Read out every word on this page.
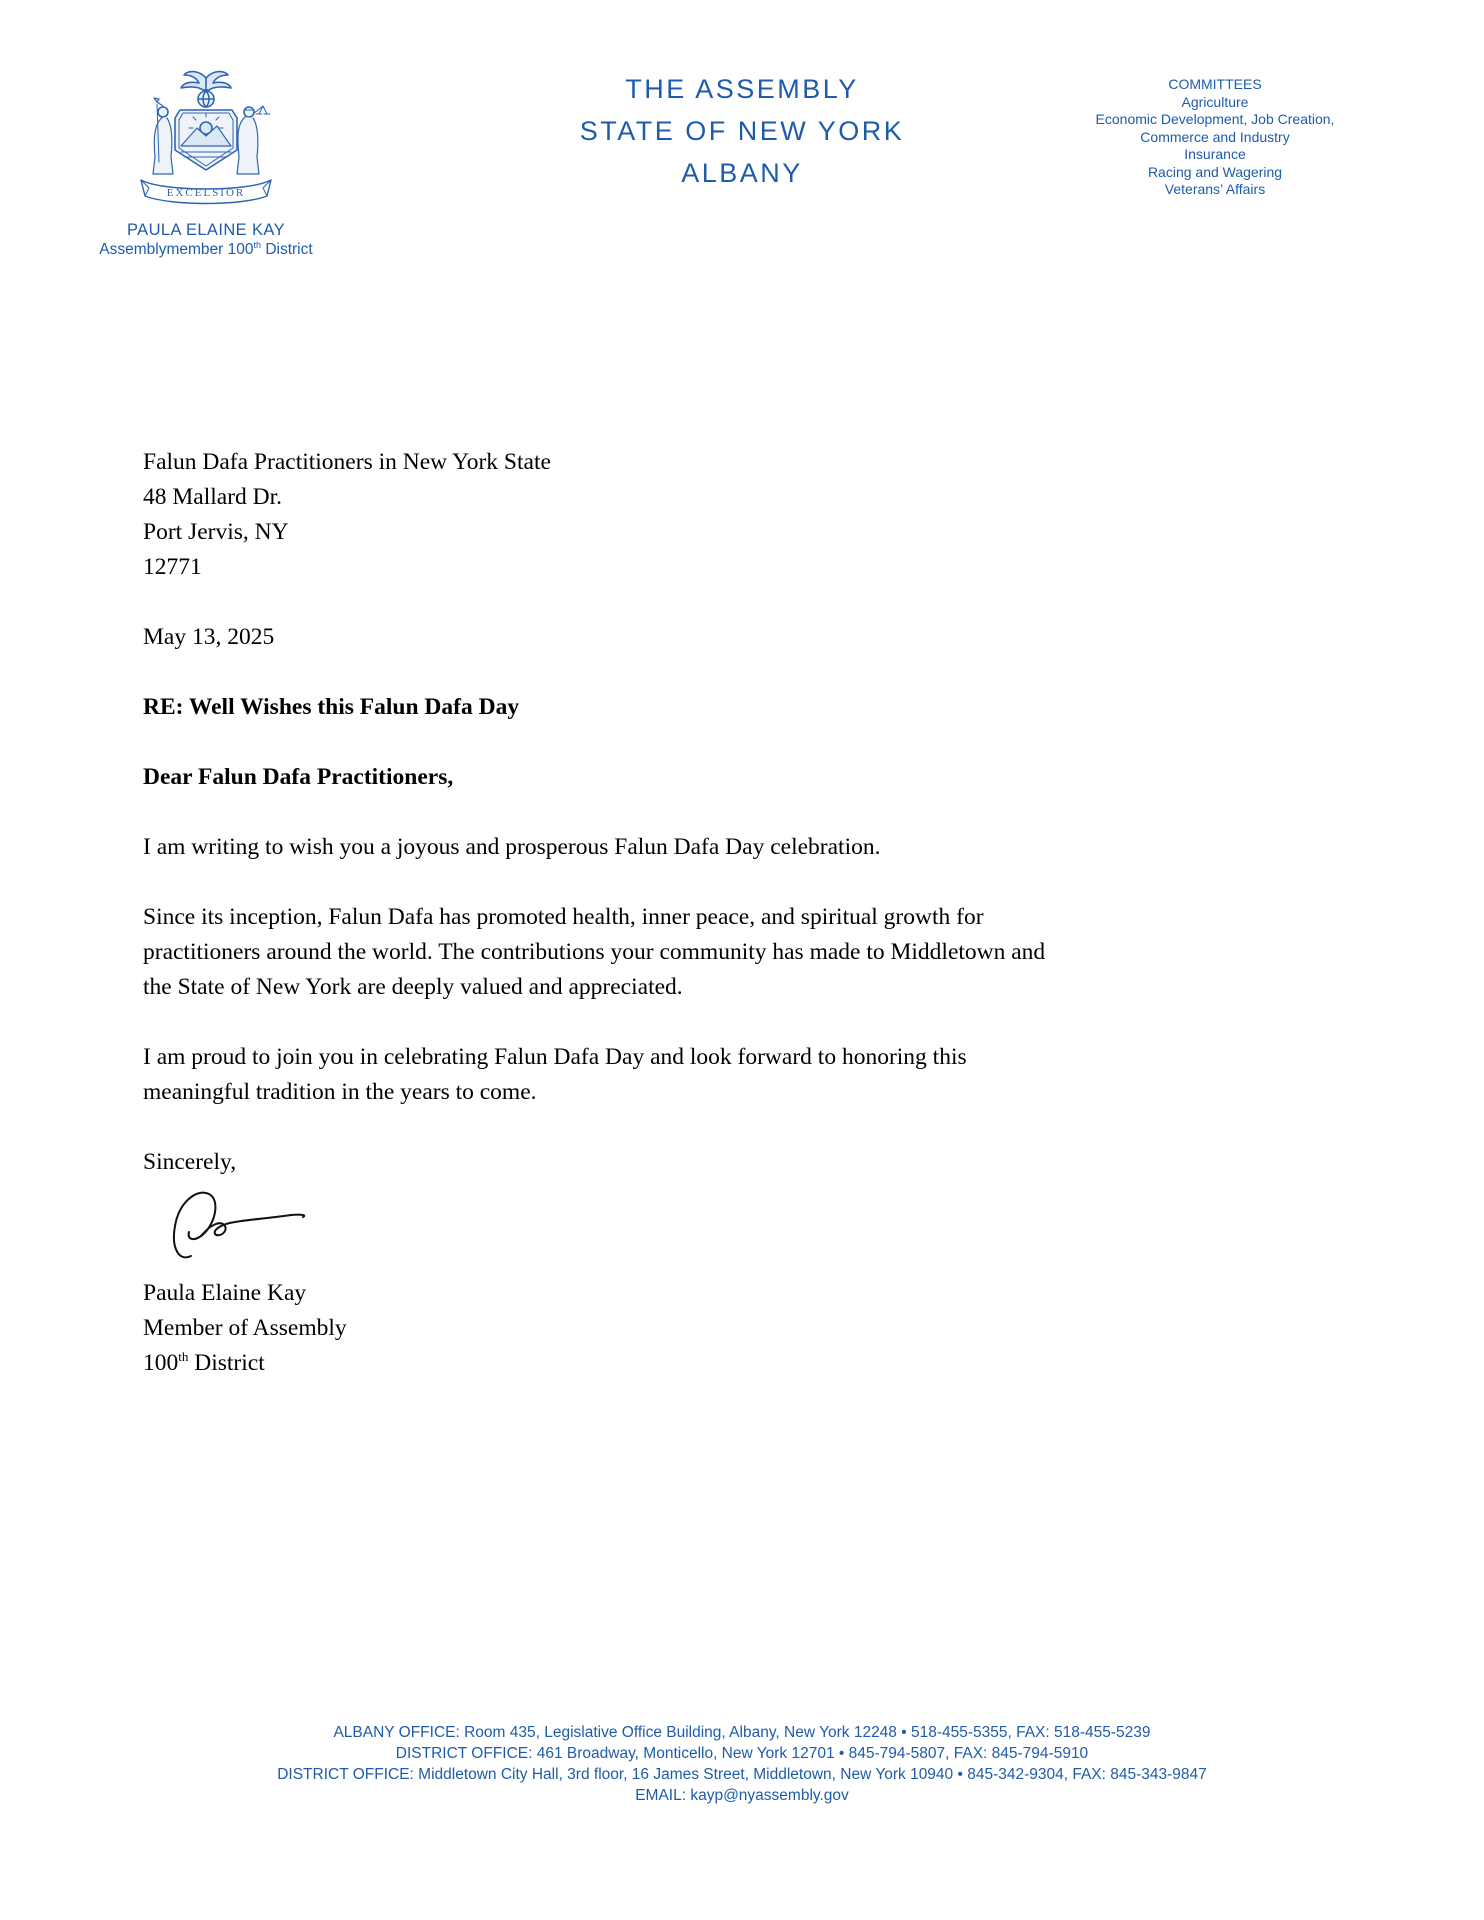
EXCELSIOR
PAULA ELAINE KAY
Assemblymember 100th District
THE ASSEMBLY
STATE OF NEW YORK
ALBANY
COMMITTEES
Agriculture
Economic Development, Job Creation,
Commerce and Industry
Insurance
Racing and Wagering
Veterans’ Affairs
Falun Dafa Practitioners in New York State
48 Mallard Dr.
Port Jervis, NY
12771
May 13, 2025
RE: Well Wishes this Falun Dafa Day
Dear Falun Dafa Practitioners,
I am writing to wish you a joyous and prosperous Falun Dafa Day celebration.
Since its inception, Falun Dafa has promoted health, inner peace, and spiritual growth for practitioners around the world. The contributions your community has made to Middletown and the State of New York are deeply valued and appreciated.
I am proud to join you in celebrating Falun Dafa Day and look forward to honoring this meaningful tradition in the years to come.
Sincerely,
Paula Elaine Kay
Member of Assembly
100th District
ALBANY OFFICE: Room 435, Legislative Office Building, Albany, New York 12248 • 518-455-5355, FAX: 518-455-5239
DISTRICT OFFICE: 461 Broadway, Monticello, New York 12701 • 845-794-5807, FAX: 845-794-5910
DISTRICT OFFICE: Middletown City Hall, 3rd floor, 16 James Street, Middletown, New York 10940 • 845-342-9304, FAX: 845-343-9847
EMAIL: kayp@nyassembly.gov
